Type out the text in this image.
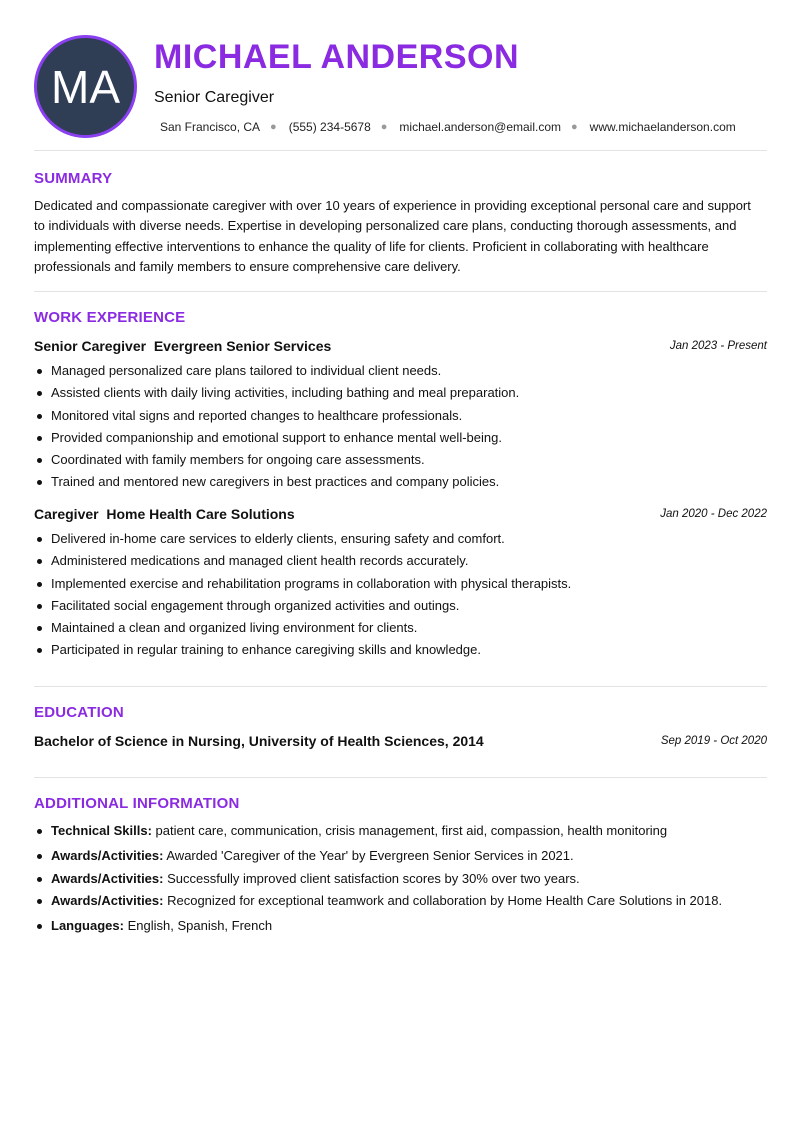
MA
MICHAEL ANDERSON
Senior Caregiver
San Francisco, CA ● (555) 234-5678 ● michael.anderson@email.com ● www.michaelanderson.com
SUMMARY
Dedicated and compassionate caregiver with over 10 years of experience in providing exceptional personal care and support to individuals with diverse needs. Expertise in developing personalized care plans, conducting thorough assessments, and implementing effective interventions to enhance the quality of life for clients. Proficient in collaborating with healthcare professionals and family members to ensure comprehensive care delivery.
WORK EXPERIENCE
Senior Caregiver Evergreen Senior Services	Jan 2023 - Present
Managed personalized care plans tailored to individual client needs.
Assisted clients with daily living activities, including bathing and meal preparation.
Monitored vital signs and reported changes to healthcare professionals.
Provided companionship and emotional support to enhance mental well-being.
Coordinated with family members for ongoing care assessments.
Trained and mentored new caregivers in best practices and company policies.
Caregiver Home Health Care Solutions	Jan 2020 - Dec 2022
Delivered in-home care services to elderly clients, ensuring safety and comfort.
Administered medications and managed client health records accurately.
Implemented exercise and rehabilitation programs in collaboration with physical therapists.
Facilitated social engagement through organized activities and outings.
Maintained a clean and organized living environment for clients.
Participated in regular training to enhance caregiving skills and knowledge.
EDUCATION
Bachelor of Science in Nursing, University of Health Sciences, 2014	Sep 2019 - Oct 2020
ADDITIONAL INFORMATION
Technical Skills: patient care, communication, crisis management, first aid, compassion, health monitoring
Awards/Activities: Awarded 'Caregiver of the Year' by Evergreen Senior Services in 2021.
Awards/Activities: Successfully improved client satisfaction scores by 30% over two years.
Awards/Activities: Recognized for exceptional teamwork and collaboration by Home Health Care Solutions in 2018.
Languages: English, Spanish, French
